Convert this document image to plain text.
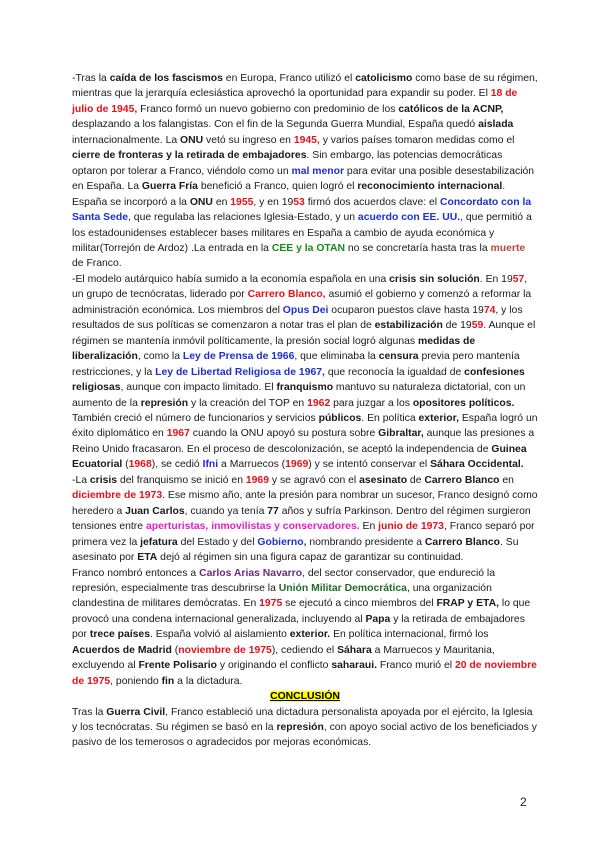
-Tras la caída de los fascismos en Europa, Franco utilizó el catolicismo como base de su régimen, mientras que la jerarquía eclesiástica aprovechó la oportunidad para expandir su poder. El 18 de julio de 1945, Franco formó un nuevo gobierno con predominio de los católicos de la ACNP, desplazando a los falangistas. Con el fin de la Segunda Guerra Mundial, España quedó aislada internacionalmente. La ONU vetó su ingreso en 1945, y varios países tomaron medidas como el cierre de fronteras y la retirada de embajadores. Sin embargo, las potencias democráticas optaron por tolerar a Franco, viéndolo como un mal menor para evitar una posible desestabilización en España. La Guerra Fría benefició a Franco, quien logró el reconocimiento internacional. España se incorporó a la ONU en 1955, y en 1953 firmó dos acuerdos clave: el Concordato con la Santa Sede, que regulaba las relaciones Iglesia-Estado, y un acuerdo con EE. UU., que permitió a los estadounidenses establecer bases militares en España a cambio de ayuda económica y militar(Torrejón de Ardoz) .La entrada en la CEE y la OTAN no se concretaría hasta tras la muerte de Franco.

-El modelo autárquico había sumido a la economía española en una crisis sin solución. En 1957, un grupo de tecnócratas, liderado por Carrero Blanco, asumió el gobierno y comenzó a reformar la administración económica. Los miembros del Opus Dei ocuparon puestos clave hasta 1974, y los resultados de sus políticas se comenzaron a notar tras el plan de estabilización de 1959. Aunque el régimen se mantenía inmóvil políticamente, la presión social logró algunas medidas de liberalización, como la Ley de Prensa de 1966, que eliminaba la censura previa pero mantenía restricciones, y la Ley de Libertad Religiosa de 1967, que reconocía la igualdad de confesiones religiosas, aunque con impacto limitado. El franquismo mantuvo su naturaleza dictatorial, con un aumento de la represión y la creación del TOP en 1962 para juzgar a los opositores políticos. También creció el número de funcionarios y servicios públicos. En política exterior, España logró un éxito diplomático en 1967 cuando la ONU apoyó su postura sobre Gibraltar, aunque las presiones a Reino Unido fracasaron. En el proceso de descolonización, se aceptó la independencia de Guinea Ecuatorial (1968), se cedió Ifni a Marruecos (1969) y se intentó conservar el Sáhara Occidental.

-La crisis del franquismo se inició en 1969 y se agravó con el asesinato de Carrero Blanco en diciembre de 1973. Ese mismo año, ante la presión para nombrar un sucesor, Franco designó como heredero a Juan Carlos, cuando ya tenía 77 años y sufría Parkinson. Dentro del régimen surgieron tensiones entre aperturistas, inmovilistas y conservadores. En junio de 1973, Franco separó por primera vez la jefatura del Estado y del Gobierno, nombrando presidente a Carrero Blanco. Su asesinato por ETA dejó al régimen sin una figura capaz de garantizar su continuidad.

Franco nombró entonces a Carlos Arias Navarro, del sector conservador, que endureció la represión, especialmente tras descubrirse la Unión Militar Democrática, una organización clandestina de militares demócratas. En 1975 se ejecutó a cinco miembros del FRAP y ETA, lo que provocó una condena internacional generalizada, incluyendo al Papa y la retirada de embajadores por trece países. España volvió al aislamiento exterior. En política internacional, firmó los Acuerdos de Madrid (noviembre de 1975), cediendo el Sáhara a Marruecos y Mauritania, excluyendo al Frente Polisario y originando el conflicto saharaui. Franco murió el 20 de noviembre de 1975, poniendo fin a la dictadura.

CONCLUSIÓN

Tras la Guerra Civil, Franco estableció una dictadura personalista apoyada por el ejército, la Iglesia y los tecnócratas. Su régimen se basó en la represión, con apoyo social activo de los beneficiados y pasivo de los temerosos o agradecidos por mejoras económicas.

2
